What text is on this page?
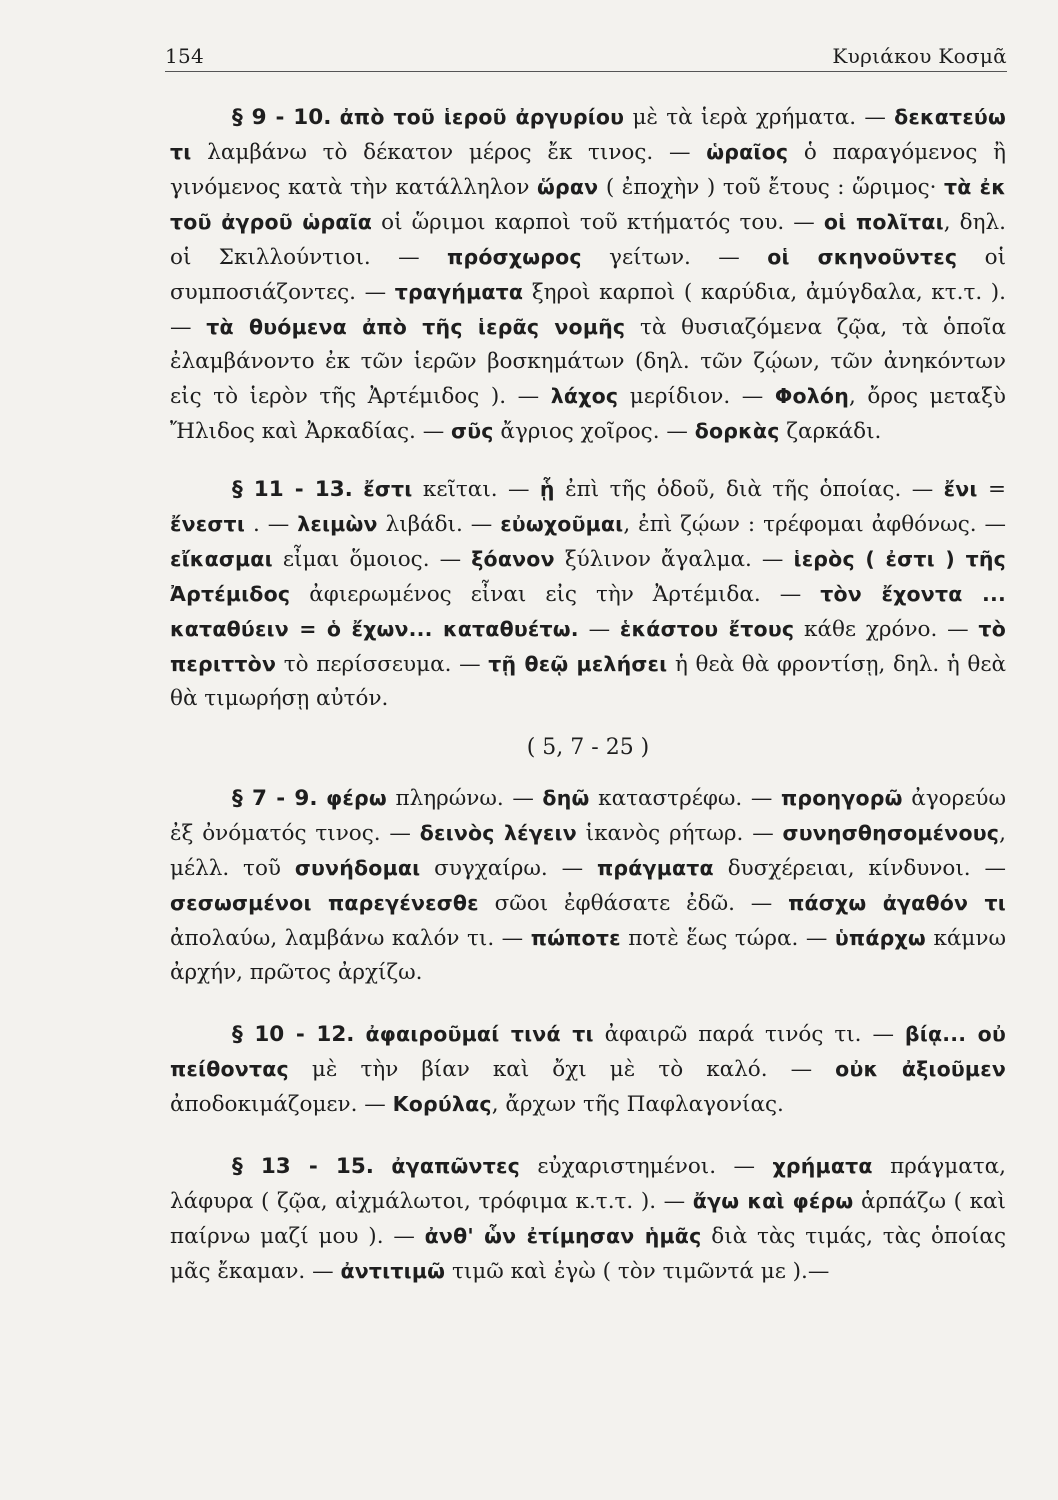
154	Κυριάκου Κοσμᾶ

§ 9 - 10. ἀπὸ τοῦ ἱεροῦ ἀργυρίου μὲ τὰ ἱερὰ χρήματα. — δεκατεύω τι λαμβάνω τὸ δέκατον μέρος ἔκ τινος. — ὡραῖος ὁ παραγόμενος ἢ γινόμενος κατὰ τὴν κατάλληλον ὥραν ( ἐποχὴν ) τοῦ ἔτους : ὥριμος· τὰ ἐκ τοῦ ἀγροῦ ὡραῖα οἱ ὥριμοι καρποὶ τοῦ κτήματός του. — οἱ πολῖται, δηλ. οἱ Σκιλλούντιοι. — πρόσχωρος γείτων. — οἱ σκηνοῦντες οἱ συμποσιάζοντες. — τραγήματα ξηροὶ καρποὶ ( καρύδια, ἀμύγδαλα, κτ.τ. ). — τὰ θυόμενα ἀπὸ τῆς ἱερᾶς νομῆς τὰ θυσιαζόμενα ζῷα, τὰ ὁποῖα ἐλαμβάνοντο ἐκ τῶν ἱερῶν βοσκημάτων (δηλ. τῶν ζῴων, τῶν ἀνηκόντων εἰς τὸ ἱερὸν τῆς Ἀρτέμιδος ). — λάχος μερίδιον. — Φολόη, ὄρος μεταξὺ Ἤλιδος καὶ Ἀρκαδίας. — σῦς ἄγριος χοῖρος. — δορκὰς ζαρκάδι.

§ 11 - 13. ἔστι κεῖται. — ᾗ ἐπὶ τῆς ὁδοῦ, διὰ τῆς ὁποίας. — ἔνι = ἔνεστι . — λειμὼν λιβάδι. — εὐωχοῦμαι, ἐπὶ ζῴων : τρέφομαι ἀφθόνως. — εἴκασμαι εἶμαι ὅμοιος. — ξόανον ξύλινον ἄγαλμα. — ἱερὸς ( ἐστι ) τῆς Ἀρτέμιδος ἀφιερωμένος εἶναι εἰς τὴν Ἀρτέμιδα. — τὸν ἔχοντα ... καταθύειν = ὁ ἔχων... καταθυέτω. — ἑκάστου ἔτους κάθε χρόνο. — τὸ περιττὸν τὸ περίσσευμα. — τῇ θεῷ μελήσει ἡ θεὰ θὰ φροντίσῃ, δηλ. ἡ θεὰ θὰ τιμωρήσῃ αὐτόν.

( 5, 7 - 25 )

§ 7 - 9. φέρω πληρώνω. — δηῶ καταστρέφω. — προηγορῶ ἀγορεύω ἐξ ὀνόματός τινος. — δεινὸς λέγειν ἱκανὸς ρήτωρ. — συνησθησομένους, μέλλ. τοῦ συνήδομαι συγχαίρω. — πράγματα δυσχέρειαι, κίνδυνοι. — σεσωσμένοι παρεγένεσθε σῶοι ἐφθάσατε ἐδῶ. — πάσχω ἀγαθόν τι ἀπολαύω, λαμβάνω καλόν τι. — πώποτε ποτὲ ἕως τώρα. — ὑπάρχω κάμνω ἀρχήν, πρῶτος ἀρχίζω.

§ 10 - 12. ἀφαιροῦμαί τινά τι ἀφαιρῶ παρά τινός τι. — βίᾳ... οὐ πείθοντας μὲ τὴν βίαν καὶ ὄχι μὲ τὸ καλό. — οὐκ ἀξιοῦμεν ἀποδοκιμάζομεν. — Κορύλας, ἄρχων τῆς Παφλαγονίας.

§ 13 - 15. ἀγαπῶντες εὐχαριστημένοι. — χρήματα πράγματα, λάφυρα ( ζῷα, αἰχμάλωτοι, τρόφιμα κ.τ.τ. ). — ἄγω καὶ φέρω ἁρπάζω ( καὶ παίρνω μαζί μου ). — ἀνθ' ὧν ἐτίμησαν ἡμᾶς διὰ τὰς τιμάς, τὰς ὁποίας μᾶς ἔκαμαν. — ἀντιτιμῶ τιμῶ καὶ ἐγὼ ( τὸν τιμῶντά με ).—
